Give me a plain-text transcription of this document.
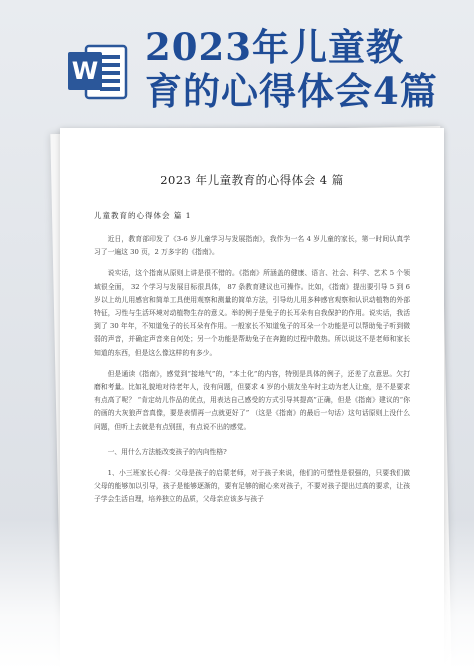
W
2023年儿童教
育的心得体会4篇
2023 年儿童教育的心得体会 4 篇
儿童教育的心得体会 篇 1

近日，教育部印发了《3-6 岁儿童学习与发展指南》，我作为一名 4 岁儿童的家长，第一时间认真学习了一遍这 30 页，2 万多字的《指南》。

说实话，这个指南从原则上讲是很不错的。《指南》所涵盖的健康、语言、社会、科学、艺术 5 个领域很全面， 32 个学习与发展目标很具体， 87 条教育建议也可操作。比如，《指南》提出要引导 5 到 6 岁以上幼儿用感官和简单工具使用观察和测量的简单方法，引导幼儿用多种感官观察和认识动植物的外部特征，习性与生活环境对动植物生存的意义。举的例子是兔子的长耳朵有自我保护的作用。说实话，我活到了 30 年年，不知道兔子的长耳朵有作用。一般家长不知道兔子的耳朵一个功能是可以帮助兔子听到微弱的声音，并确定声音来自何处；另一个功能是帮助兔子在奔跑的过程中散热。所以说这不是老师和家长知道的东西，但是这么像这样的有多少。

但是通读《指南》，感觉到“接地气”的，“本土化”的内容，特别是具体的例子，还差了点意思。欠打磨和考量。比如礼貌地对待老年人，没有问题，但要求 4 岁的小朋友坐车时主动为老人让座，是不是要求有点高了呢？ “肯定幼儿作品的优点，用表达自己感受的方式引导其提高”正确，但是《指南》建议的“你的画的大灰狼声音真像，要是表情再一点就更好了” （这是《指南》的最后一句话）这句话原则上没什么问题，但听上去就是有点别扭，有点说不出的感觉。

一、用什么方法能改变孩子的内向性格?

1、小三班家长心得：父母是孩子的启蒙老师，对于孩子来说，他们的可塑性是很强的，只要我们做父母的能够加以引导，孩子是能够逐渐的，要有足够的耐心来对孩子，不要对孩子提出过高的要求，让孩子学会生活自理，培养独立的品质，父母亲应该多与孩子
